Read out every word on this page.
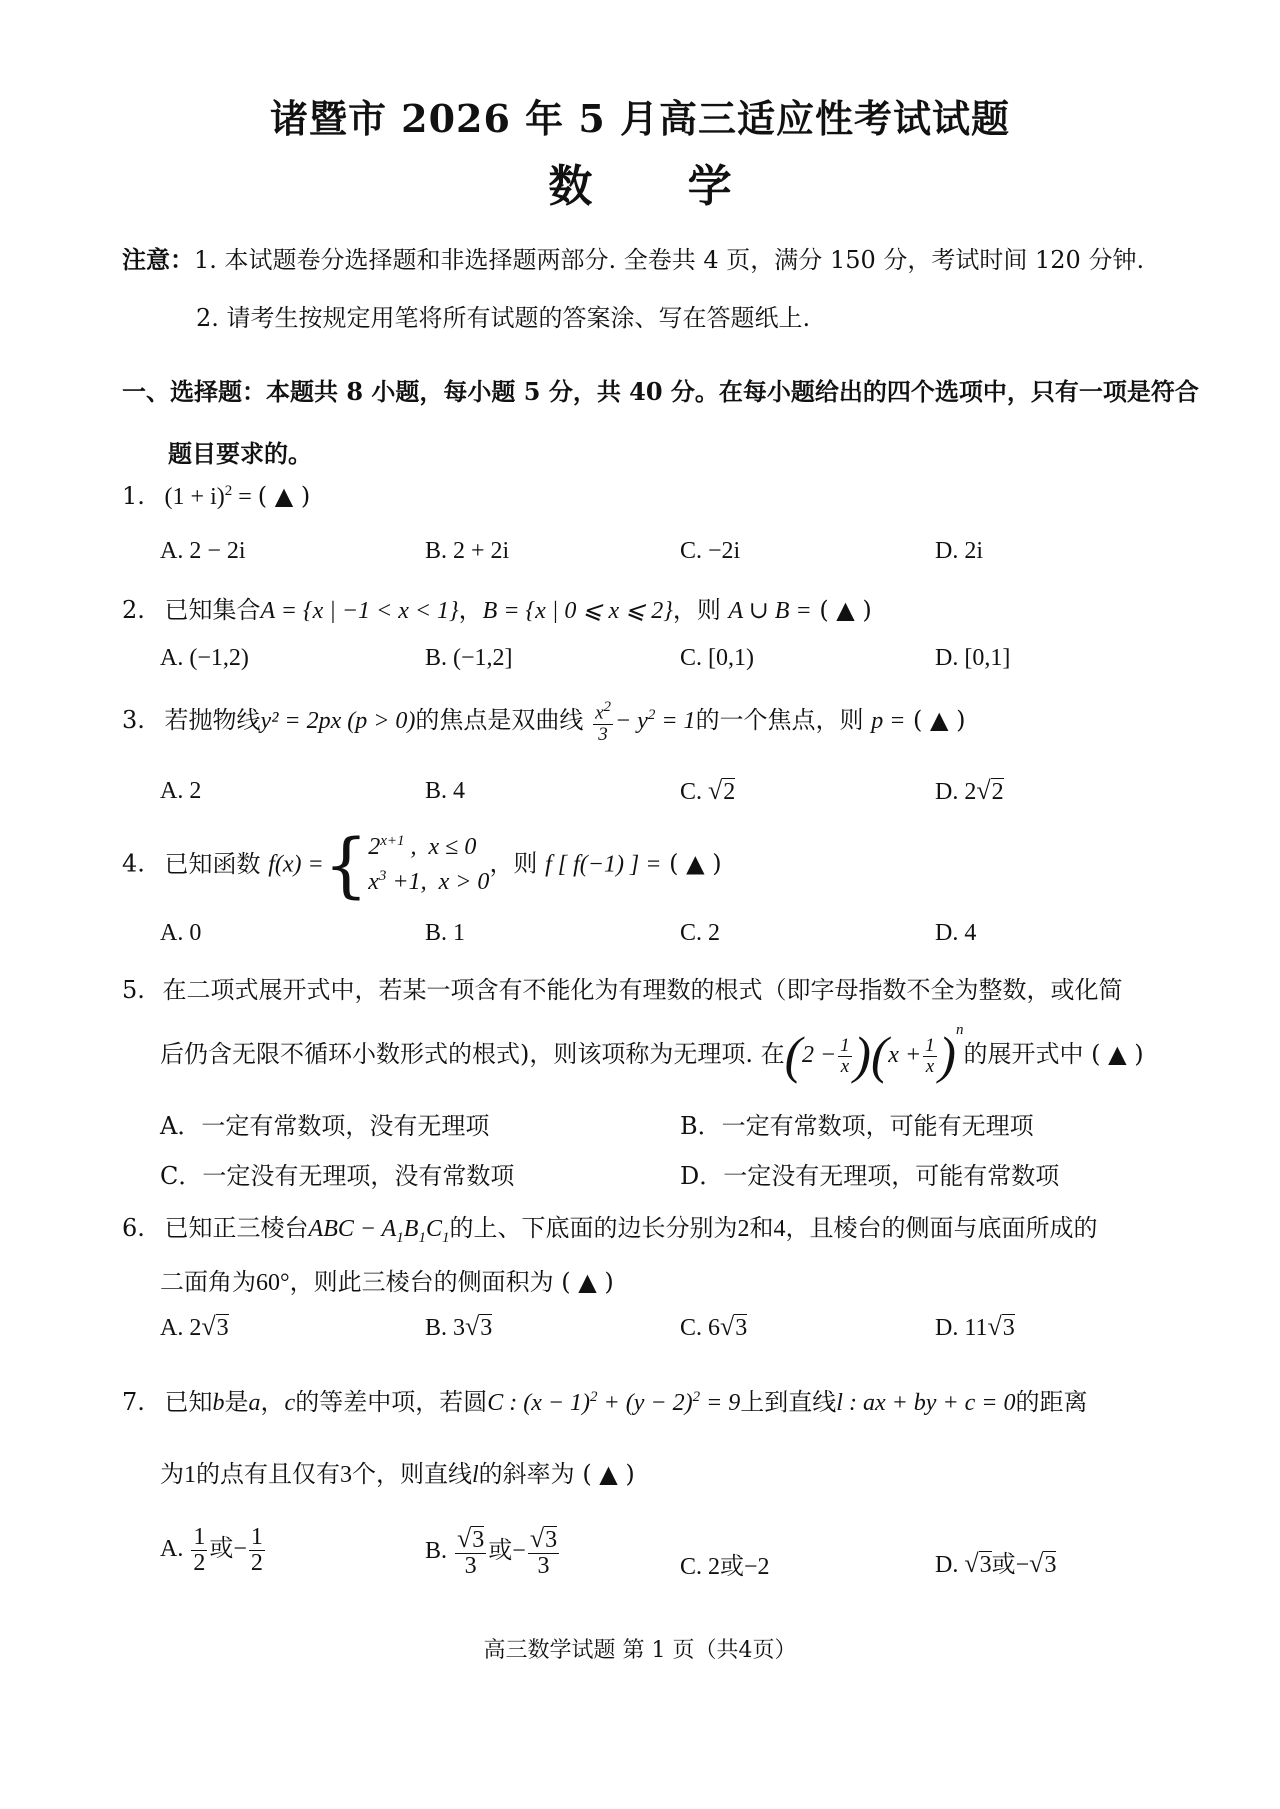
诸暨市 2026 年 5 月高三适应性考试试题
数 学
注意：1. 本试题卷分选择题和非选择题两部分. 全卷共 4 页，满分 150 分，考试时间 120 分钟.
2. 请考生按规定用笔将所有试题的答案涂、写在答题纸上.
一、选择题：本题共 8 小题，每小题 5 分，共 40 分。在每小题给出的四个选项中，只有一项是符合
题目要求的。
1. $(1 + i)^2$ = ( ▲ )
A. 2 − 2i	B. 2 + 2i	C. −2i	D. 2i
2. 已知集合A = {x | −1 < x < 1}，B = {x | 0 ⩽ x ⩽ 2}，则 A ∪ B = ( ▲ )
A. (−1,2)	B. (−1,2]	C. [0,1)	D. [0,1]
3. 若抛物线y² = 2px (p > 0)的焦点是双曲线 $\frac{x^2}{3} - y^2 = 1$的一个焦点，则 p = ( ▲ )
A. 2	B. 4	C. √2	D. 2√2
4. 已知函数 $f(x) =\{2^{x+1}$ ,  x ≤ 0
$x^3 +1$,  x > 0，则 f [ f(−1) ] = ( ▲ )
A. 0	B. 1	C. 2	D. 4
5. 在二项式展开式中，若某一项含有不能化为有理数的根式（即字母指数不全为整数，或化简
后仍含无限不循环小数形式的根式)，则该项称为无理项. 在$(2 - \frac{1}{x} )(x + \frac{1}{x} )^n$的展开式中 ( ▲ )
A．一定有常数项，没有无理项	B．一定有常数项，可能有无理项
C．一定没有无理项，没有常数项	D．一定没有无理项，可能有常数项
6. 已知正三棱台ABC − $A_1B_1C_1$的上、下底面的边长分别为2和4，且棱台的侧面与底面所成的
二面角为60°，则此三棱台的侧面积为 ( ▲ )
A. 2√3	B. 3√3	C. 6√3	D. 11√3
7. 已知b是a，c的等差中项，若圆C : $(x - 1)^2 + (y - 2)^2 = 9$上到直线l : ax + by + c = 0的距离
为1的点有且仅有3个，则直线l的斜率为 ( ▲ )
A. $\frac{1}{2}$ 或− $\frac{1}{2}$	B. $\frac{√3}{3}$ 或− $\frac{√3}{3}$	C. 2或−2	D. √3或−√3
高三数学试题 第 1 页（共4页）
